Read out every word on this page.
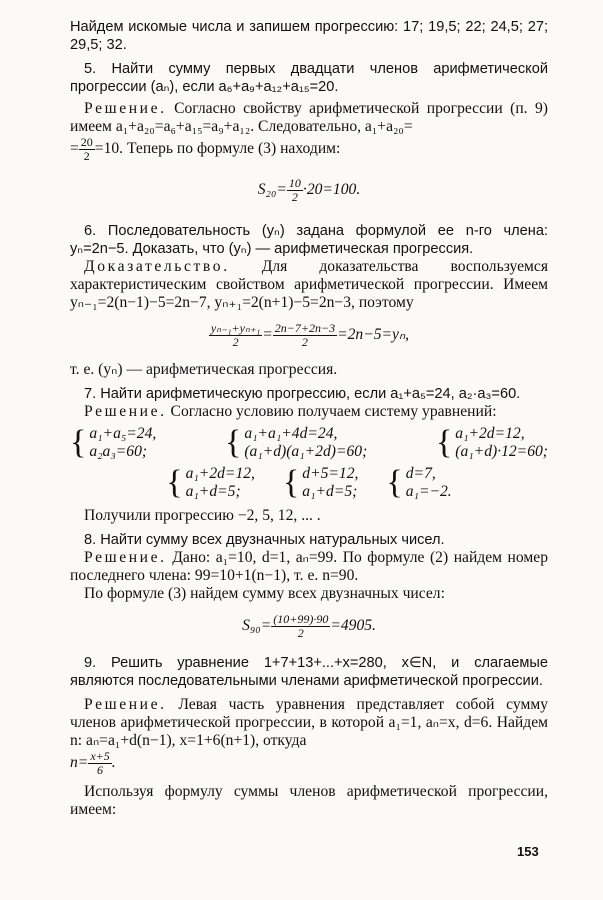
Найдем искомые числа и запишем прогрессию: 17; 19,5; 22; 24,5; 27; 29,5; 32.

5. Найти сумму первых двадцати членов арифметической прогрессии (aₙ), если a₆+a₉+a₁₂+a₁₅=20.

Решение. Согласно свойству арифметической прогрессии (п. 9) имеем a₁+a₂₀=a₆+a₁₅=a₉+a₁₂. Следовательно, a₁+a₂₀=

= $\frac{20}{2} =10$. Теперь по формуле (3) находим:

$S_{20}= \frac{10}{2} \cdot 20=100$.

6. Последовательность (yₙ) задана формулой ее n-го члена: yₙ=2n−5. Доказать, что (yₙ) — арифметическая прогрессия.

Доказательство. Для доказательства воспользуемся характеристическим свойством арифметической прогрессии. Имеем yₙ₋₁=2(n−1)−5=2n−7, yₙ₊₁=2(n+1)−5=2n−3, поэтому

$\frac{\text{yₙ₋₁+yₙ₊₁}}{2} = \frac{2n-7+2n-3}{2} =2n-5=y_n$,

т. е. (yₙ) — арифметическая прогрессия.

7. Найти арифметическую прогрессию, если a₁+a₅=24, a₂·a₃=60.

Решение. Согласно условию получаем систему уравнений:

{ a₁+a₅=24,
a₂a₃=60; { a₁+a₁+4d=24,
(a₁+d)(a₁+2d)=60; { a₁+2d=12,
(a₁+d)·12=60;
{ a₁+2d=12,
a₁+d=5;	{ d+5=12,
a₁+d=5; { d=7,
a₁=−2.

Получили прогрессию −2, 5, 12, ... .

8. Найти сумму всех двузначных натуральных чисел.

Решение. Дано: a₁=10, d=1, aₙ=99. По формуле (2) найдем номер последнего члена: 99=10+1(n−1), т. е. n=90.

По формуле (3) найдем сумму всех двузначных чисел:

$S_{90}= \frac{(10+99)\cdot 90}{2} =4905$.

9. Решить уравнение 1+7+13+...+x=280, x∈N, и слагаемые являются последовательными членами арифметической прогрессии.

Решение. Левая часть уравнения представляет собой сумму членов арифметической прогрессии, в которой a₁=1, aₙ=x, d=6. Найдем n: aₙ=a₁+d(n−1), x=1+6(n+1), откуда

$n= \frac{x+5}{6}$ .

Используя формулу суммы членов арифметической прогрессии, имеем:

153
